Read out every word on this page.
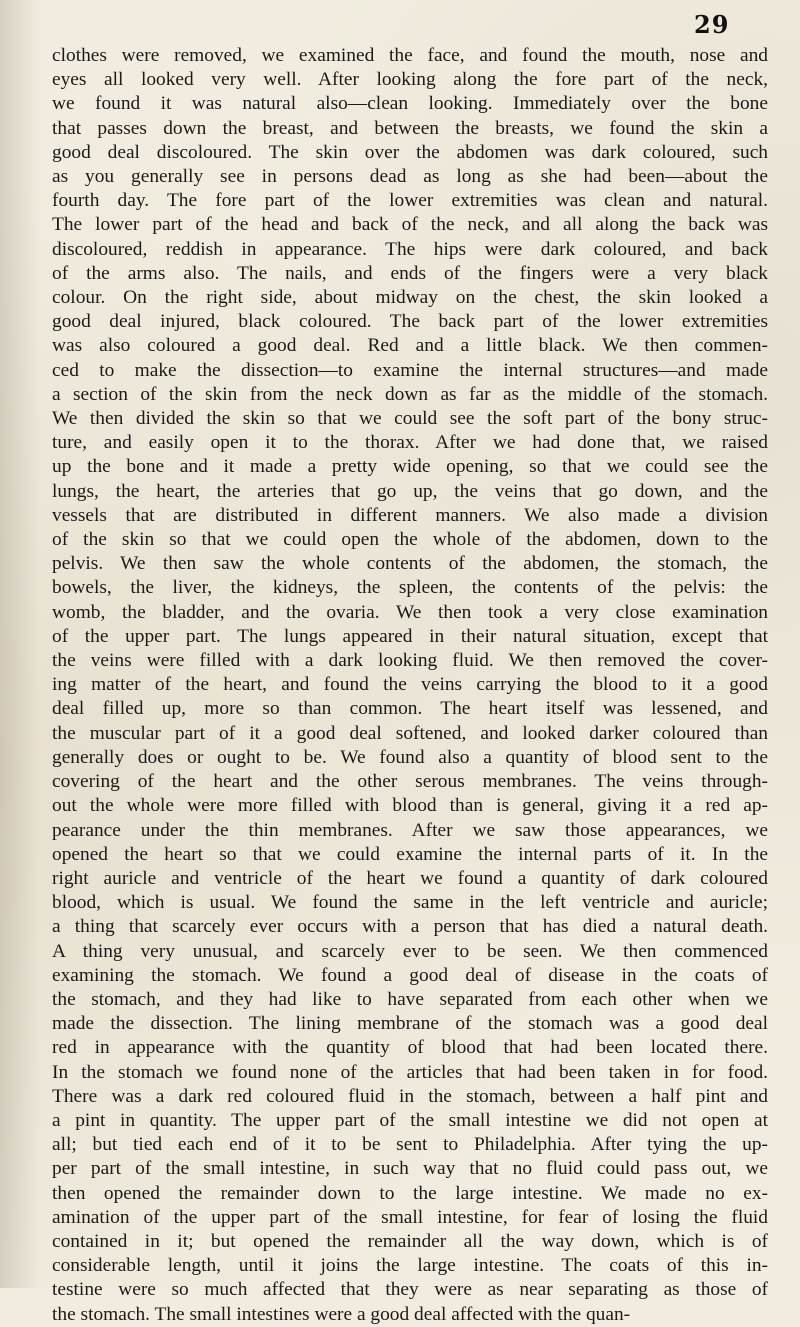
29
clothes were removed, we examined the face, and found the mouth, nose and
eyes all looked very well. After looking along the fore part of the neck,
we found it was natural also—clean looking. Immediately over the bone
that passes down the breast, and between the breasts, we found the skin a
good deal discoloured. The skin over the abdomen was dark coloured, such
as you generally see in persons dead as long as she had been—about the
fourth day. The fore part of the lower extremities was clean and natural.
The lower part of the head and back of the neck, and all along the back was
discoloured, reddish in appearance. The hips were dark coloured, and back
of the arms also. The nails, and ends of the fingers were a very black
colour. On the right side, about midway on the chest, the skin looked a
good deal injured, black coloured. The back part of the lower extremities
was also coloured a good deal. Red and a little black. We then commen-
ced to make the dissection—to examine the internal structures—and made
a section of the skin from the neck down as far as the middle of the stomach.
We then divided the skin so that we could see the soft part of the bony struc-
ture, and easily open it to the thorax. After we had done that, we raised
up the bone and it made a pretty wide opening, so that we could see the
lungs, the heart, the arteries that go up, the veins that go down, and the
vessels that are distributed in different manners. We also made a division
of the skin so that we could open the whole of the abdomen, down to the
pelvis. We then saw the whole contents of the abdomen, the stomach, the
bowels, the liver, the kidneys, the spleen, the contents of the pelvis: the
womb, the bladder, and the ovaria. We then took a very close examination
of the upper part. The lungs appeared in their natural situation, except that
the veins were filled with a dark looking fluid. We then removed the cover-
ing matter of the heart, and found the veins carrying the blood to it a good
deal filled up, more so than common. The heart itself was lessened, and
the muscular part of it a good deal softened, and looked darker coloured than
generally does or ought to be. We found also a quantity of blood sent to the
covering of the heart and the other serous membranes. The veins through-
out the whole were more filled with blood than is general, giving it a red ap-
pearance under the thin membranes. After we saw those appearances, we
opened the heart so that we could examine the internal parts of it. In the
right auricle and ventricle of the heart we found a quantity of dark coloured
blood, which is usual. We found the same in the left ventricle and auricle;
a thing that scarcely ever occurs with a person that has died a natural death.
A thing very unusual, and scarcely ever to be seen. We then commenced
examining the stomach. We found a good deal of disease in the coats of
the stomach, and they had like to have separated from each other when we
made the dissection. The lining membrane of the stomach was a good deal
red in appearance with the quantity of blood that had been located there.
In the stomach we found none of the articles that had been taken in for food.
There was a dark red coloured fluid in the stomach, between a half pint and
a pint in quantity. The upper part of the small intestine we did not open at
all; but tied each end of it to be sent to Philadelphia. After tying the up-
per part of the small intestine, in such way that no fluid could pass out, we
then opened the remainder down to the large intestine. We made no ex-
amination of the upper part of the small intestine, for fear of losing the fluid
contained in it; but opened the remainder all the way down, which is of
considerable length, until it joins the large intestine. The coats of this in-
testine were so much affected that they were as near separating as those of
the stomach. The small intestines were a good deal affected with the quan-
